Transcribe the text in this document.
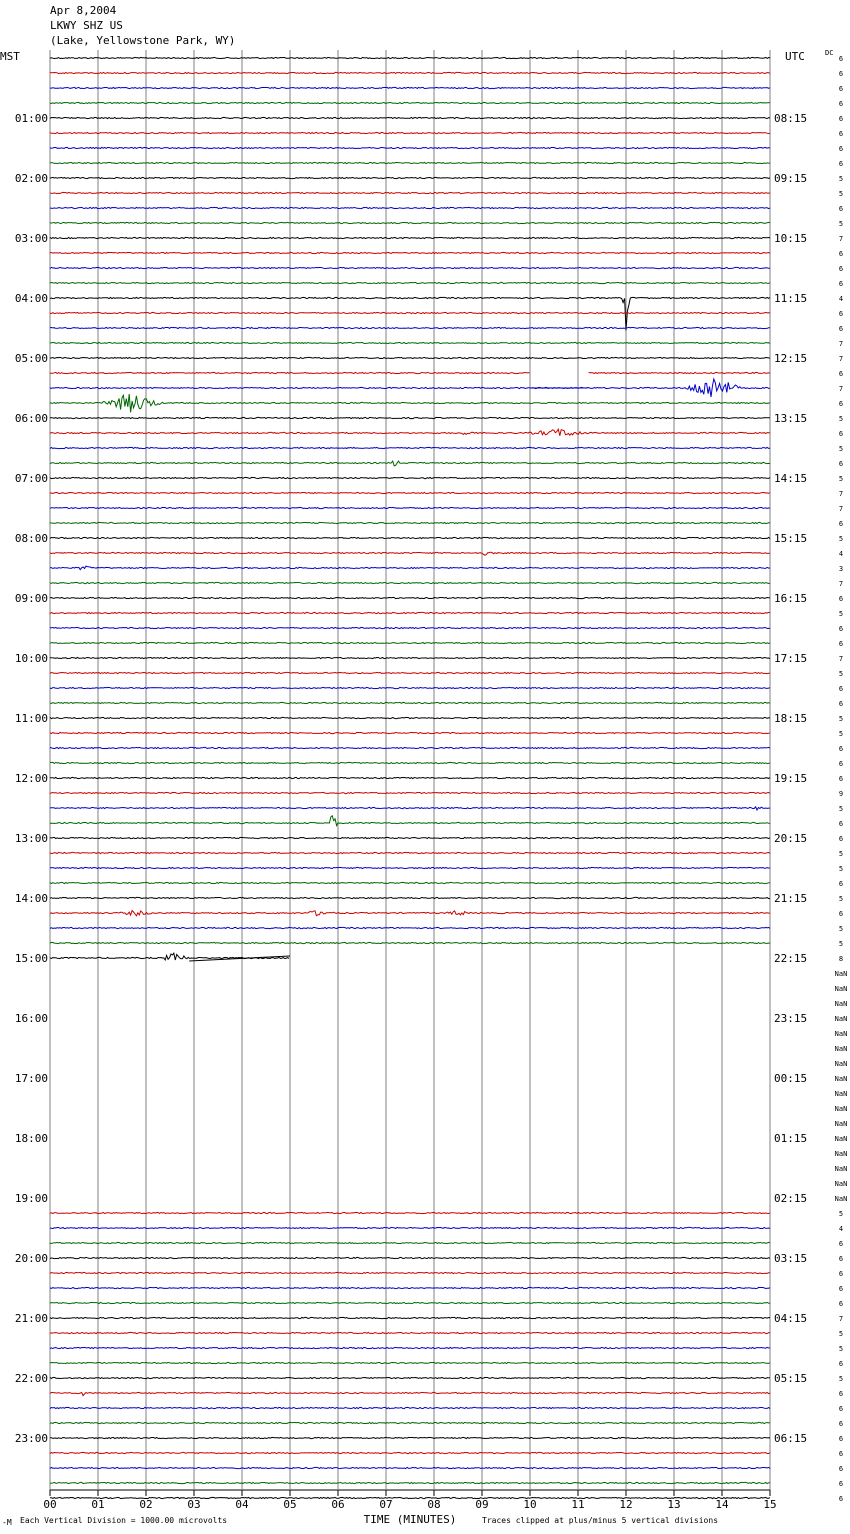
Apr 8,2004
LKWY SHZ US
(Lake, Yellowstone Park, WY)
MST	UTC	DC
-M Each Vertical Division = 1000.00 microvolts	Traces clipped at plus/minus 5 vertical divisions
00	01	02	03	04	05	06	07	08	09	10	11	12	13	14	15
TIME (MINUTES)
6
6
6
6
01:00	08:15	6
6
6
6
02:00	09:15	5
5
6
5
03:00	10:15	7
6
6
6
04:00	11:15	4
6
6
7
05:00	12:15	7
6
7
6
06:00	13:15	5
6
5
6
07:00	14:15	5
7
7
6
08:00	15:15	5
4
3
7
09:00	16:15	6
5
6
6
10:00	17:15	7
5
6
6
11:00	18:15	5
5
6
6
12:00	19:15	6
9
5
6
13:00	20:15	6
5
5
6
14:00	21:15	5
6
5
5
15:00	22:15	8
NaN
NaN
NaN
16:00	23:15	NaN
NaN
NaN
NaN
17:00	00:15	NaN
NaN
NaN
NaN
18:00	01:15	NaN
NaN
NaN
NaN
19:00	02:15	NaN
5
4
6
20:00	03:15	6
6
6
6
21:00	04:15	7
5
5
6
22:00	05:15	5
6
6
6
23:00	06:15	6
6
6
6
6
